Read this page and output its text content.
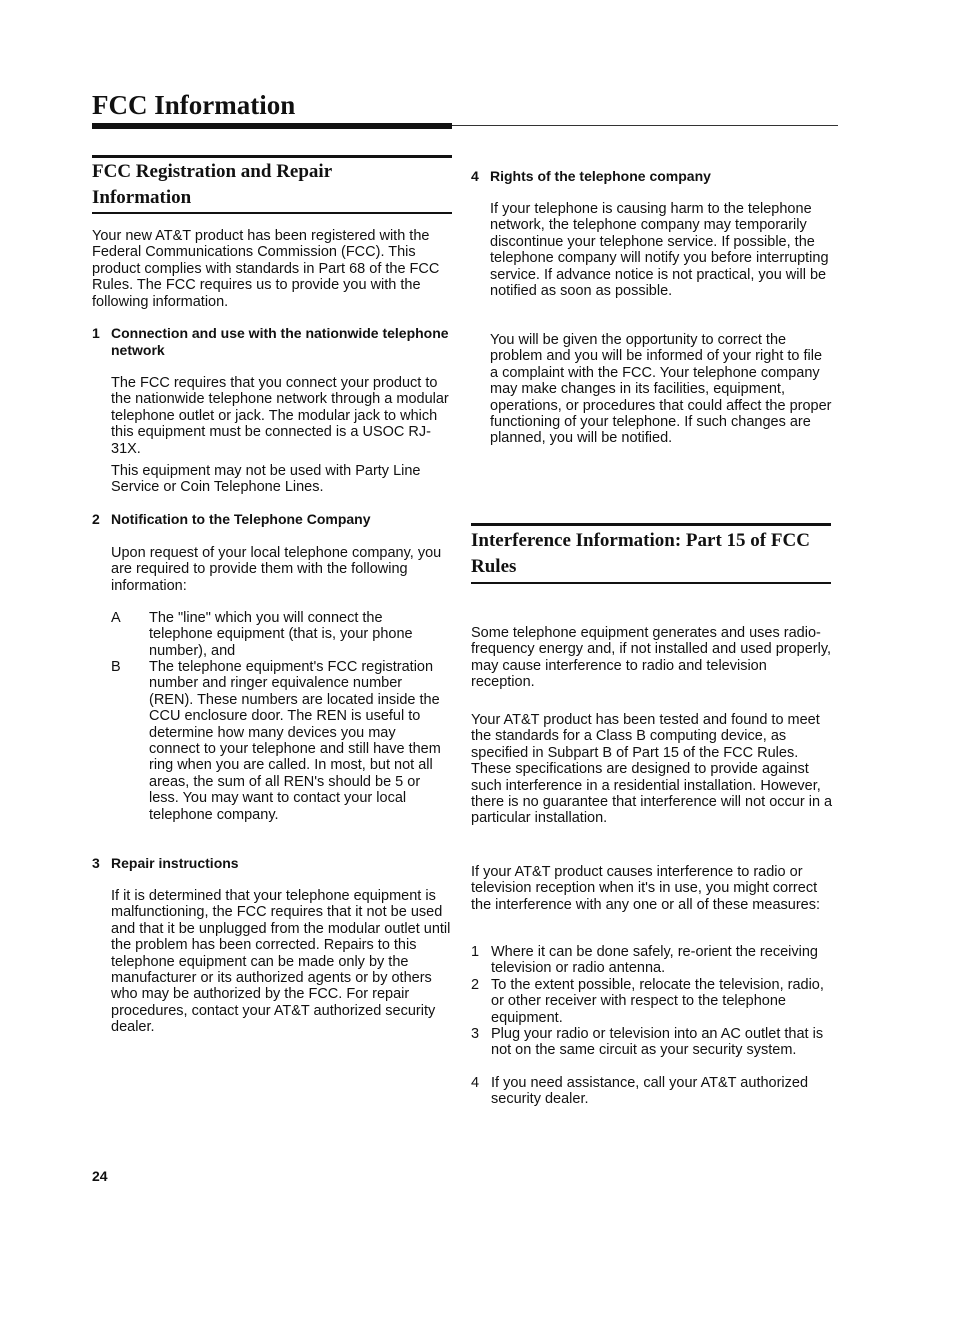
FCC Information
FCC Registration and Repair Information

Your new AT&T product has been registered with the Federal Communications Commission (FCC). This product complies with standards in Part 68 of the FCC Rules. The FCC requires us to provide you with the following information.

1 Connection and use with the nationwide telephone network

The FCC requires that you connect your product to the nationwide telephone network through a modular telephone outlet or jack. The modular jack to which this equipment must be connected is a USOC RJ-31X.

This equipment may not be used with Party Line Service or Coin Telephone Lines.

2 Notification to the Telephone Company

Upon request of your local telephone company, you are required to provide them with the following information:

A The "line" which you will connect the telephone equipment (that is, your phone number), and
B The telephone equipment's FCC registration number and ringer equivalence number (REN). These numbers are located inside the CCU enclosure door. The REN is useful to determine how many devices you may connect to your telephone and still have them ring when you are called. In most, but not all areas, the sum of all REN's should be 5 or less. You may want to contact your local telephone company.
3 Repair instructions

If it is determined that your telephone equipment is malfunctioning, the FCC requires that it not be used and that it be unplugged from the modular outlet until the problem has been corrected. Repairs to this telephone equipment can be made only by the manufacturer or its authorized agents or by others who may be authorized by the FCC. For repair procedures, contact your AT&T authorized security dealer.

4 Rights of the telephone company

If your telephone is causing harm to the telephone network, the telephone company may temporarily discontinue your telephone service. If possible, the telephone company will notify you before interrupting service. If advance notice is not practical, you will be notified as soon as possible.

You will be given the opportunity to correct the problem and you will be informed of your right to file a complaint with the FCC. Your telephone company may make changes in its facilities, equipment, operations, or procedures that could affect the proper functioning of your telephone. If such changes are planned, you will be notified.

Interference Information: Part 15 of FCC Rules

Some telephone equipment generates and uses radio-frequency energy and, if not installed and used properly, may cause interference to radio and television reception.

Your AT&T product has been tested and found to meet the standards for a Class B computing device, as specified in Subpart B of Part 15 of the FCC Rules. These specifications are designed to provide against such interference in a residential installation. However, there is no guarantee that interference will not occur in a particular installation.

If your AT&T product causes interference to radio or television reception when it's in use, you might correct the interference with any one or all of these measures:

1 Where it can be done safely, re-orient the receiving television or radio antenna.
2 To the extent possible, relocate the television, radio, or other receiver with respect to the telephone equipment.
3 Plug your radio or television into an AC outlet that is not on the same circuit as your security system.
4 If you need assistance, call your AT&T authorized security dealer.
24
